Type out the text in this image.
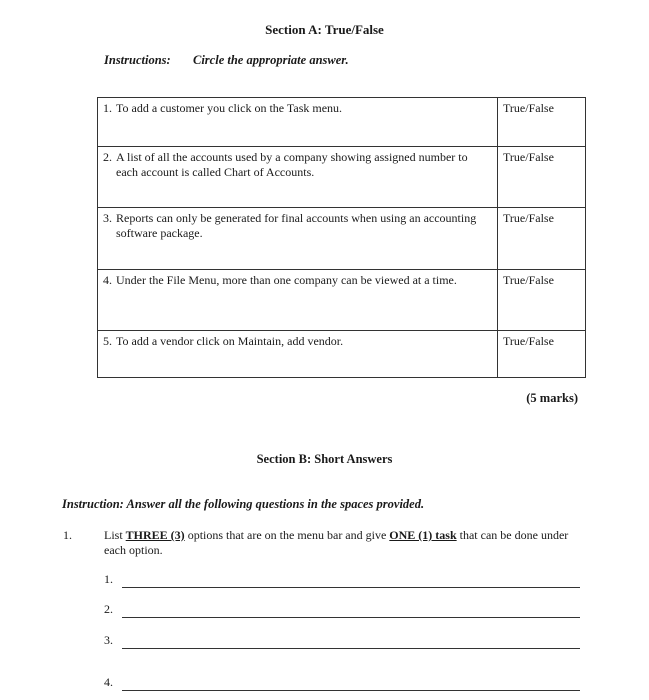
Section A: True/False
Instructions: Circle the appropriate answer.
1. To add a customer you click on the Task menu.	True/False

2. A list of all the accounts used by a company showing assigned number to each account is called Chart of Accounts.	True/False

3. Reports can only be generated for final accounts when using an accounting software package.	True/False

4. Under the File Menu, more than one company can be viewed at a time.	True/False

5. To add a vendor click on Maintain, add vendor.	True/False
(5 marks)
Section B: Short Answers
Instruction: Answer all the following questions in the spaces provided.
1.	List THREE (3) options that are on the menu bar and give ONE (1) task that can be done under each option.
1.
2.
3.
4.
